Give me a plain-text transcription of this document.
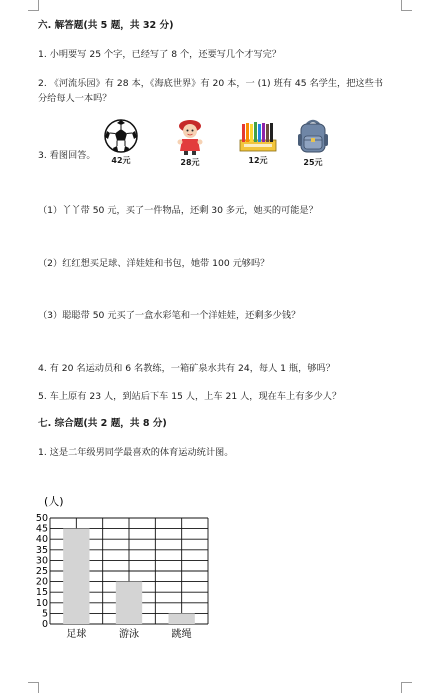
六. 解答题(共 5 题，共 32 分)
1. 小明要写 25 个字，已经写了 8 个，还要写几个才写完？
2. 《河流乐园》有 28 本，《海底世界》有 20 本，一 (1) 班有 45 名学生，把这些书
分给每人一本吗？
3. 看图回答。	42元	28元	12元	25元
（1）丫丫带 50 元，买了一件物品，还剩 30 多元，她买的可能是？
（2）红红想买足球、洋娃娃和书包，她带 100 元够吗？
（3）聪聪带 50 元买了一盒水彩笔和一个洋娃娃，还剩多少钱？
4. 有 20 名运动员和 6 名教练，一箱矿泉水共有 24，每人 1 瓶，够吗？
5. 车上原有 23 人，到站后下车 15 人，上车 21 人，现在车上有多少人？
七. 综合题(共 2 题，共 8 分)
1. 这是二年级男同学最喜欢的体育运动统计图。
0
5
10
15
20
25
30
35
40
45
50
足球	游泳	跳绳
(人)
